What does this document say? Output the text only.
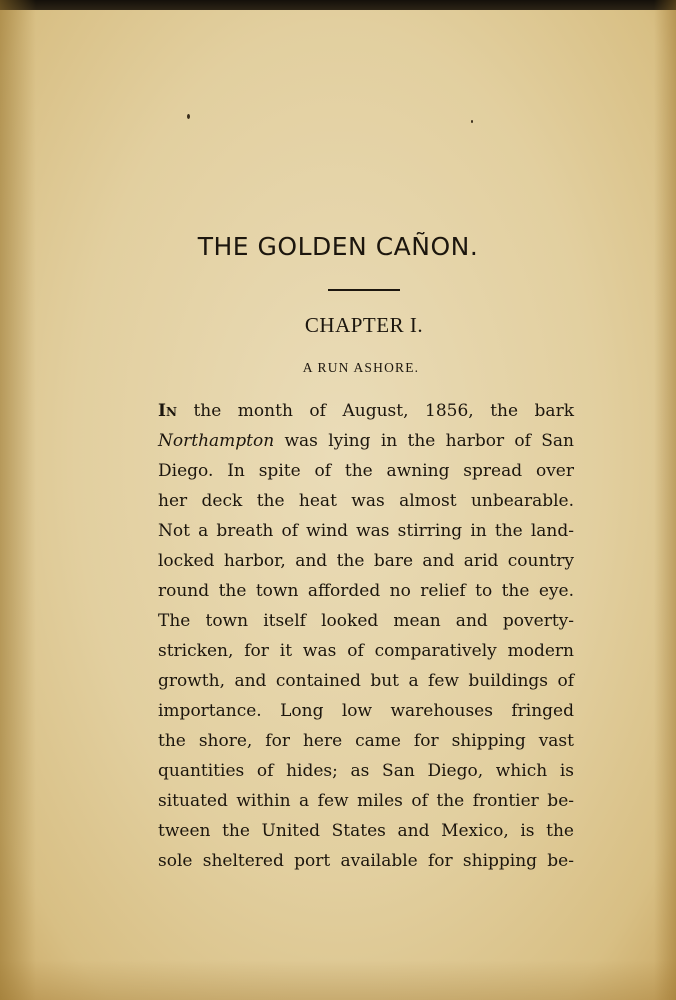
THE GOLDEN CAÑON.
CHAPTER I.
A RUN ASHORE.
In the month of August, 1856, the bark
Northampton was lying in the harbor of San
Diego. In spite of the awning spread over
her deck the heat was almost unbearable.
Not a breath of wind was stirring in the land-
locked harbor, and the bare and arid country
round the town afforded no relief to the eye.
The town itself looked mean and poverty-
stricken, for it was of comparatively modern
growth, and contained but a few buildings of
importance. Long low warehouses fringed
the shore, for here came for shipping vast
quantities of hides; as San Diego, which is
situated within a few miles of the frontier be-
tween the United States and Mexico, is the
sole sheltered port available for shipping be-
